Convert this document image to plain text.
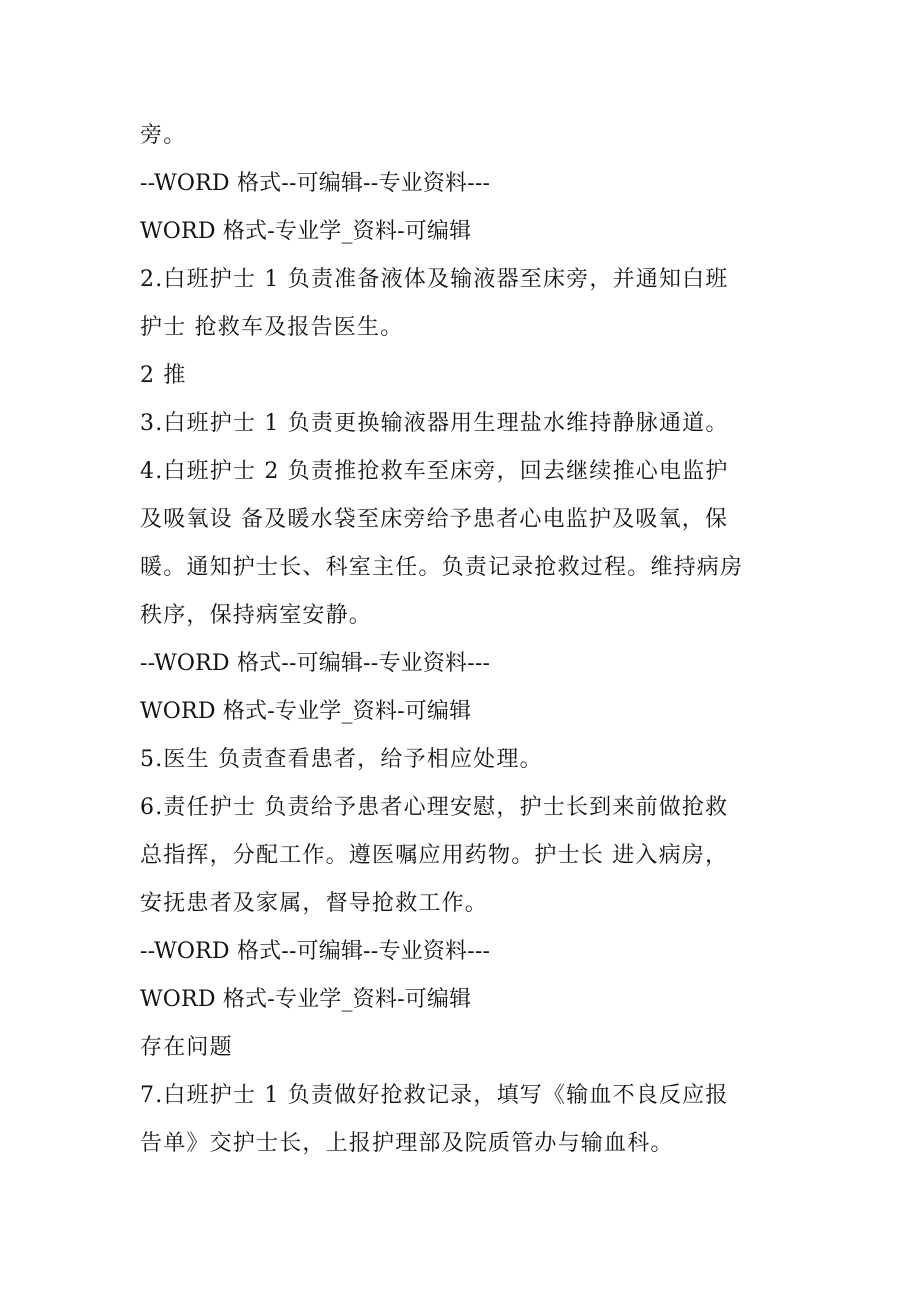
旁。
--WORD 格式--可编辑--专业资料---
WORD 格式-专业学_资料-可编辑
2.白班护士 1 负责准备液体及输液器至床旁，并通知白班
护士 抢救车及报告医生。
2 推
3.白班护士 1 负责更换输液器用生理盐水维持静脉通道。
4.白班护士 2 负责推抢救车至床旁，回去继续推心电监护
及吸氧设 备及暖水袋至床旁给予患者心电监护及吸氧，保
暖。通知护士长、科室主任。负责记录抢救过程。维持病房
秩序，保持病室安静。
--WORD 格式--可编辑--专业资料---
WORD 格式-专业学_资料-可编辑
5.医生 负责查看患者，给予相应处理。
6.责任护士 负责给予患者心理安慰，护士长到来前做抢救
总指挥，分配工作。遵医嘱应用药物。护士长 进入病房，
安抚患者及家属，督导抢救工作。
--WORD 格式--可编辑--专业资料---
WORD 格式-专业学_资料-可编辑
存在问题
7.白班护士 1 负责做好抢救记录，填写《输血不良反应报
告单》交护士长，上报护理部及院质管办与输血科。
